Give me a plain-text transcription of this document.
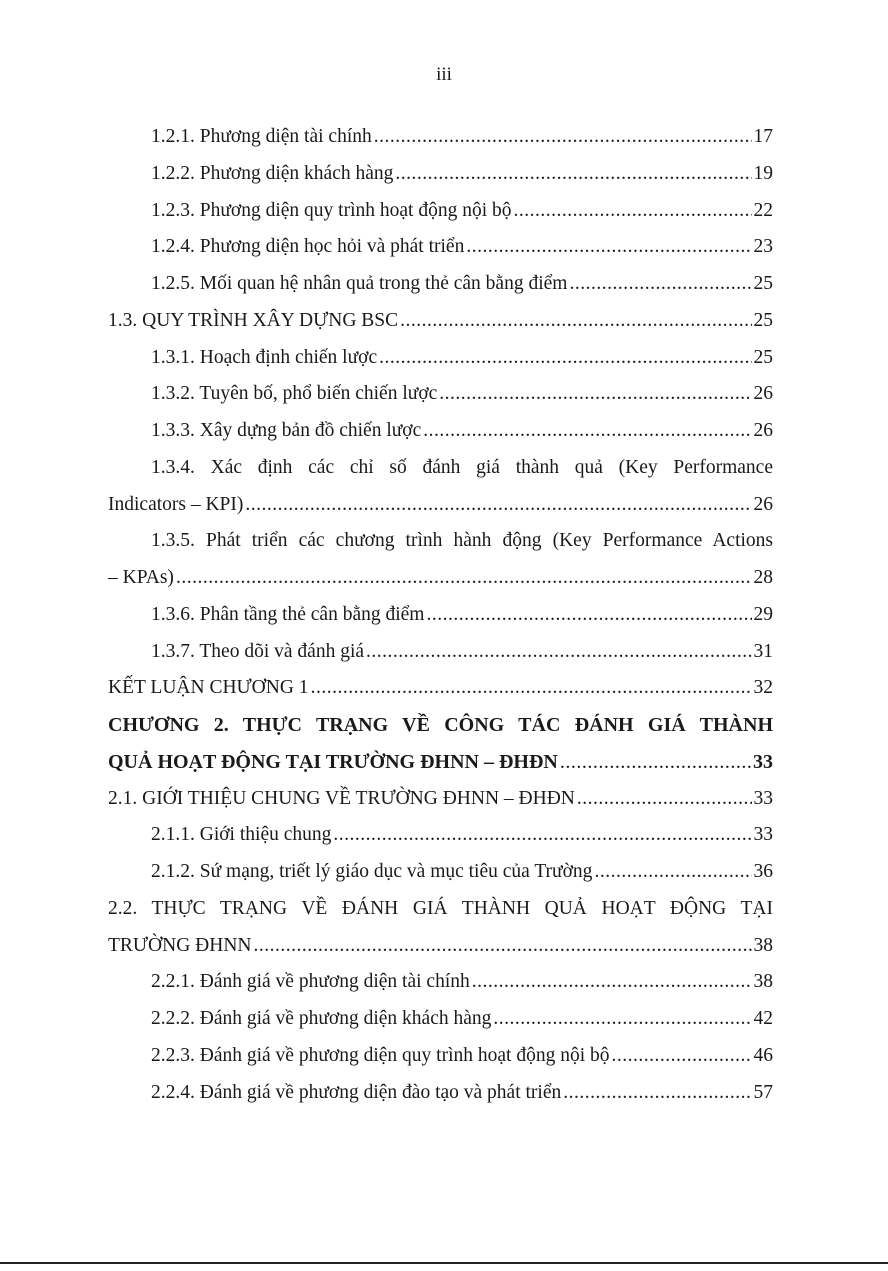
iii
1.2.1. Phương diện tài chính .....	17
1.2.2. Phương diện khách hàng .....	19
1.2.3. Phương diện quy trình hoạt động nội bộ .....	22
1.2.4. Phương diện học hỏi và phát triển .....	23
1.2.5. Mối quan hệ nhân quả trong thẻ cân bằng điểm .....	25
1.3. QUY TRÌNH XÂY DỰNG BSC .....	25
1.3.1. Hoạch định chiến lược .....	25
1.3.2. Tuyên bố, phổ biến chiến lược .....	26
1.3.3. Xây dựng bản đồ chiến lược .....	26
1.3.4. Xác định các chỉ số đánh giá thành quả (Key Performance
Indicators – KPI) .....	26
1.3.5. Phát triển các chương trình hành động (Key Performance Actions
– KPAs) .....	28
1.3.6. Phân tầng thẻ cân bằng điểm .....	29
1.3.7. Theo dõi và đánh giá .....	31
KẾT LUẬN CHƯƠNG 1 .....	32
CHƯƠNG 2. THỰC TRẠNG VỀ CÔNG TÁC ĐÁNH GIÁ THÀNH
QUẢ HOẠT ĐỘNG TẠI TRƯỜNG ĐHNN – ĐHĐN .....	33
2.1. GIỚI THIỆU CHUNG VỀ TRƯỜNG ĐHNN – ĐHĐN .....	33
2.1.1. Giới thiệu chung .....	33
2.1.2. Sứ mạng, triết lý giáo dục và mục tiêu của Trường .....	36
2.2. THỰC TRẠNG VỀ ĐÁNH GIÁ THÀNH QUẢ HOẠT ĐỘNG TẠI
TRƯỜNG ĐHNN .....	38
2.2.1. Đánh giá về phương diện tài chính .....	38
2.2.2. Đánh giá về phương diện khách hàng .....	42
2.2.3. Đánh giá về phương diện quy trình hoạt động nội bộ .....	46
2.2.4. Đánh giá về phương diện đào tạo và phát triển .....	57
